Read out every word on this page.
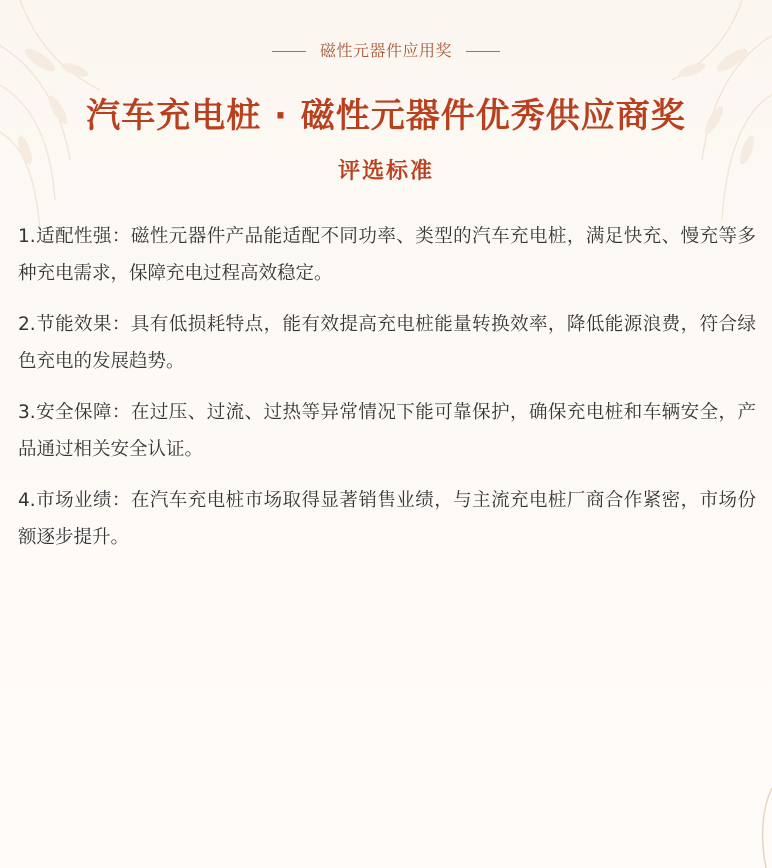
磁性元器件应用奖
汽车充电桩 · 磁性元器件优秀供应商奖
评选标准

1.适配性强：磁性元器件产品能适配不同功率、类型的汽车充电桩，满足快充、慢充等多种充电需求，保障充电过程高效稳定。

2.节能效果：具有低损耗特点，能有效提高充电桩能量转换效率，降低能源浪费，符合绿色充电的发展趋势。

3.安全保障：在过压、过流、过热等异常情况下能可靠保护，确保充电桩和车辆安全，产品通过相关安全认证。

4.市场业绩：在汽车充电桩市场取得显著销售业绩，与主流充电桩厂商合作紧密，市场份额逐步提升。
